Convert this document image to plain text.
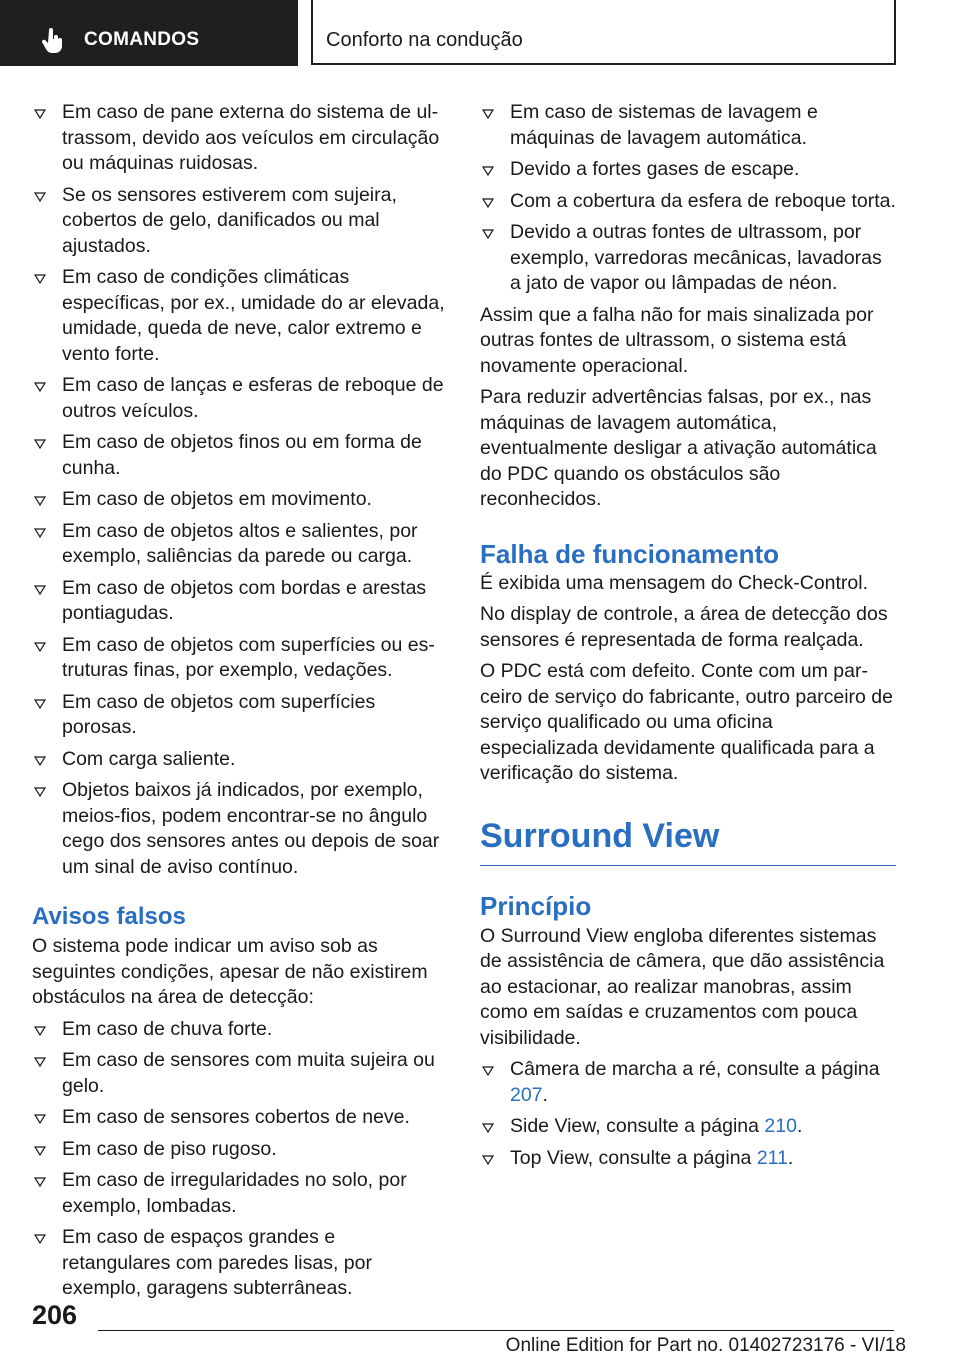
COMANDOS	Conforto na condução
Em caso de pane externa do sistema de ultrassom, devido aos veículos em circulação ou máquinas ruidosas.
Se os sensores estiverem com sujeira, cobertos de gelo, danificados ou mal ajustados.
Em caso de condições climáticas específicas, por ex., umidade do ar elevada, umidade, queda de neve, calor extremo e vento forte.
Em caso de lanças e esferas de reboque de outros veículos.
Em caso de objetos finos ou em forma de cunha.
Em caso de objetos em movimento.
Em caso de objetos altos e salientes, por exemplo, saliências da parede ou carga.
Em caso de objetos com bordas e arestas pontiagudas.
Em caso de objetos com superfícies ou estruturas finas, por exemplo, vedações.
Em caso de objetos com superfícies porosas.
Com carga saliente.
Objetos baixos já indicados, por exemplo, meios-fios, podem encontrar-se no ângulo cego dos sensores antes ou depois de soar um sinal de aviso contínuo.
Avisos falsos

O sistema pode indicar um aviso sob as seguintes condições, apesar de não existirem obstáculos na área de detecção:

Em caso de chuva forte.
Em caso de sensores com muita sujeira ou gelo.
Em caso de sensores cobertos de neve.
Em caso de piso rugoso.
Em caso de irregularidades no solo, por exemplo, lombadas.
Em caso de espaços grandes e retangulares com paredes lisas, por exemplo, garagens subterrâneas.
Em caso de sistemas de lavagem e máquinas de lavagem automática.
Devido a fortes gases de escape.
Com a cobertura da esfera de reboque torta.
Devido a outras fontes de ultrassom, por exemplo, varredoras mecânicas, lavadoras a jato de vapor ou lâmpadas de néon.

Assim que a falha não for mais sinalizada por outras fontes de ultrassom, o sistema está novamente operacional.

Para reduzir advertências falsas, por ex., nas máquinas de lavagem automática, eventualmente desligar a ativação automática do PDC quando os obstáculos são reconhecidos.

Falha de funcionamento

É exibida uma mensagem do Check-Control.

No display de controle, a área de detecção dos sensores é representada de forma realçada.

O PDC está com defeito. Conte com um parceiro de serviço do fabricante, outro parceiro de serviço qualificado ou uma oficina especializada devidamente qualificada para a verificação do sistema.

Surround View
Princípio

O Surround View engloba diferentes sistemas de assistência de câmera, que dão assistência ao estacionar, ao realizar manobras, assim como em saídas e cruzamentos com pouca visibilidade.

Câmera de marcha a ré, consulte a página 207.
Side View, consulte a página 210.
Top View, consulte a página 211.
206
Online Edition for Part no. 01402723176 - VI/18
